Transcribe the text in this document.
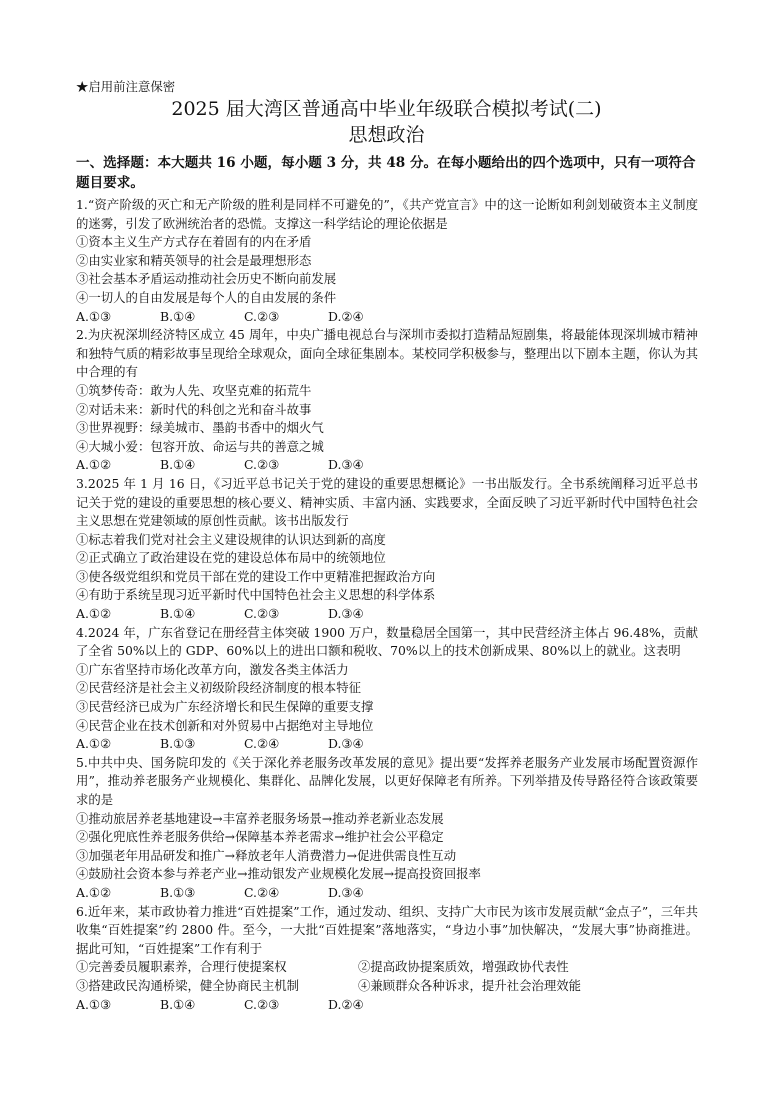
★启用前注意保密
2025 届大湾区普通高中毕业年级联合模拟考试(二)
思想政治
一、选择题：本大题共 16 小题，每小题 3 分，共 48 分。在每小题给出的四个选项中，只有一项符合题目要求。

1.“资产阶级的灭亡和无产阶级的胜利是同样不可避免的”，《共产党宣言》中的这一论断如利剑划破资本主义制度的迷雾，引发了欧洲统治者的恐慌。支撑这一科学结论的理论依据是

①资本主义生产方式存在着固有的内在矛盾

②由实业家和精英领导的社会是最理想形态

③社会基本矛盾运动推动社会历史不断向前发展

④一切人的自由发展是每个人的自由发展的条件

A.①③	B.①④	C.②③	D.②④

2.为庆祝深圳经济特区成立 45 周年，中央广播电视总台与深圳市委拟打造精品短剧集，将最能体现深圳城市精神和独特气质的精彩故事呈现给全球观众，面向全球征集剧本。某校同学积极参与，整理出以下剧本主题，你认为其中合理的有

①筑梦传奇：敢为人先、攻坚克难的拓荒牛

②对话未来：新时代的科创之光和奋斗故事

③世界视野：绿美城市、墨韵书香中的烟火气

④大城小爱：包容开放、命运与共的善意之城

A.①②	B.①④	C.②③	D.③④

3.2025 年 1 月 16 日，《习近平总书记关于党的建设的重要思想概论》一书出版发行。全书系统阐释习近平总书记关于党的建设的重要思想的核心要义、精神实质、丰富内涵、实践要求，全面反映了习近平新时代中国特色社会主义思想在党建领域的原创性贡献。该书出版发行

①标志着我们党对社会主义建设规律的认识达到新的高度

②正式确立了政治建设在党的建设总体布局中的统领地位

③使各级党组织和党员干部在党的建设工作中更精准把握政治方向

④有助于系统呈现习近平新时代中国特色社会主义思想的科学体系

A.①②	B.①④	C.②③	D.③④

4.2024 年，广东省登记在册经营主体突破 1900 万户，数量稳居全国第一，其中民营经济主体占 96.48%，贡献了全省 50%以上的 GDP、60%以上的进出口额和税收、70%以上的技术创新成果、80%以上的就业。这表明

①广东省坚持市场化改革方向，激发各类主体活力

②民营经济是社会主义初级阶段经济制度的根本特征

③民营经济已成为广东经济增长和民生保障的重要支撑

④民营企业在技术创新和对外贸易中占据绝对主导地位

A.①②	B.①③	C.②④	D.③④

5.中共中央、国务院印发的《关于深化养老服务改革发展的意见》提出要“发挥养老服务产业发展市场配置资源作用”，推动养老服务产业规模化、集群化、品牌化发展，以更好保障老有所养。下列举措及传导路径符合该政策要求的是

①推动旅居养老基地建设→丰富养老服务场景→推动养老新业态发展

②强化兜底性养老服务供给→保障基本养老需求→维护社会公平稳定

③加强老年用品研发和推广→释放老年人消费潜力→促进供需良性互动

④鼓励社会资本参与养老产业→推动银发产业规模化发展→提高投资回报率

A.①②	B.①③	C.②④	D.③④

6.近年来，某市政协着力推进“百姓提案”工作，通过发动、组织、支持广大市民为该市发展贡献“金点子”，三年共收集“百姓提案”约 2800 件。至今，一大批“百姓提案”落地落实，“身边小事”加快解决，“发展大事”协商推进。据此可知，“百姓提案”工作有利于

①完善委员履职素养，合理行使提案权	②提高政协提案质效，增强政协代表性
③搭建政民沟通桥梁，健全协商民主机制	④兼顾群众各种诉求，提升社会治理效能
A.①③	B.①④	C.②③	D.②④
